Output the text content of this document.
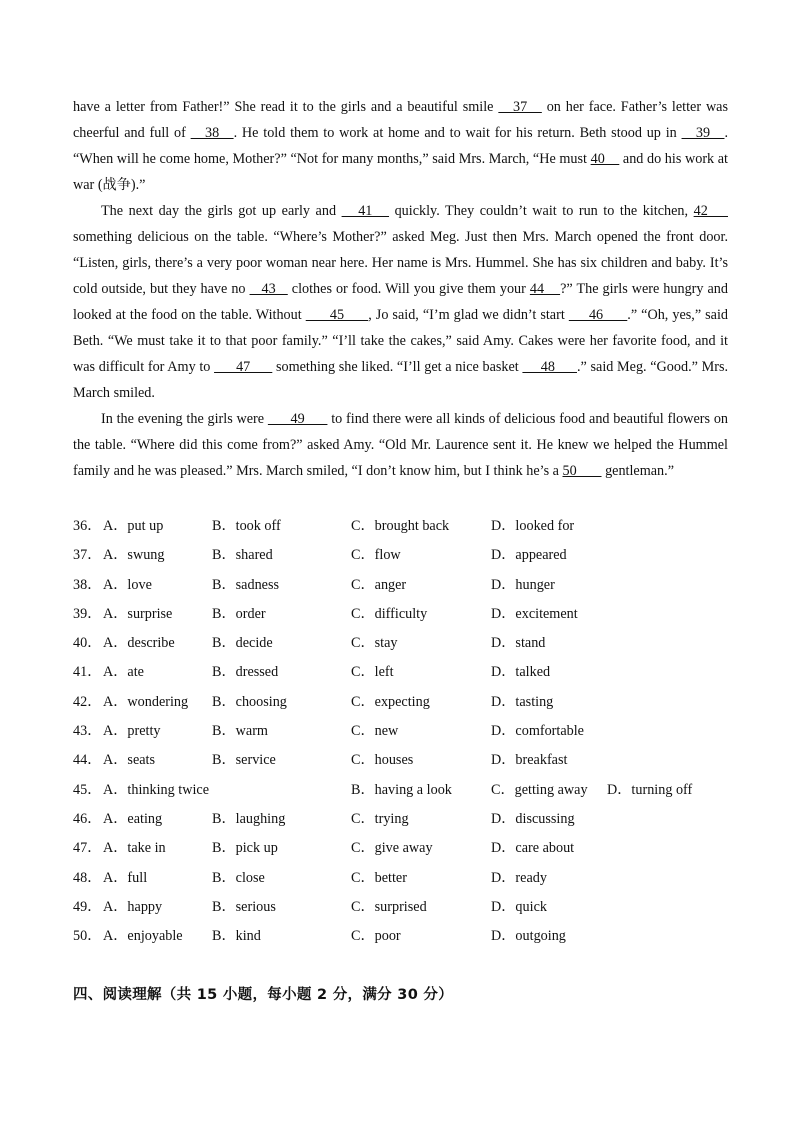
have a letter from Father!” She read it to the girls and a beautiful smile    37    on her face. Father’s letter was cheerful and full of    38   . He told them to work at home and to wait for his return. Beth stood up in    39   . “When will he come home, Mother?” “Not for many months,” said Mrs. March, “He must 40     and do his work at war (战争).”

The next day the girls got up early and    41    quickly. They couldn’t wait to run to the kitchen, 42     something delicious on the table. “Where’s Mother?” asked Meg. Just then Mrs. March opened the front door. “Listen, girls, there’s a very poor woman near here. Her name is Mrs. Hummel. She has six children and baby. It’s cold outside, but they have no    43    clothes or food. Will you give them your 44    ?” The girls were hungry and looked at the food on the table. Without       45      , Jo said, “I’m glad we didn’t start      46      .” “Oh, yes,” said Beth. “We must take it to that poor family.” “I’ll take the cakes,” said Amy. Cakes were her favorite food, and it was difficult for Amy to       47       something she liked. “I’ll get a nice basket      48      .” said Meg. “Good.” Mrs. March smiled.

In the evening the girls were       49       to find there were all kinds of delicious food and beautiful flowers on the table. “Where did this come from?” asked Amy. “Old Mr. Laurence sent it. He knew we helped the Hummel family and he was pleased.” Mrs. March smiled, “I don’t know him, but I think he’s a 50        gentleman.”

36． A．put up	B．took off	C．brought back	D．looked for
37． A．swung	B．shared	C．flow	D．appeared
38． A．love	B．sadness	C．anger	D．hunger
39． A．surprise	B．order	C．difficulty	D．excitement
40． A．describe	B．decide	C．stay	D．stand
41． A．ate	B．dressed	C．left	D．talked
42． A．wondering B．choosing	C．expecting	D．tasting
43． A．pretty	B．warm	C．new	D．comfortable
44． A．seats	B．service	C．houses	D．breakfast
45． A．thinking twice	B．having a look	C．getting away D．turning off
46． A．eating	B．laughing	C．trying	D．discussing
47． A．take in	B．pick up	C．give away	D．care about
48． A．full	B．close	C．better	D．ready
49． A．happy	B．serious	C．surprised	D．quick
50． A．enjoyable B．kind	C．poor	D．outgoing
四、阅读理解（共 15 小题，每小题 2 分，满分 30 分）
